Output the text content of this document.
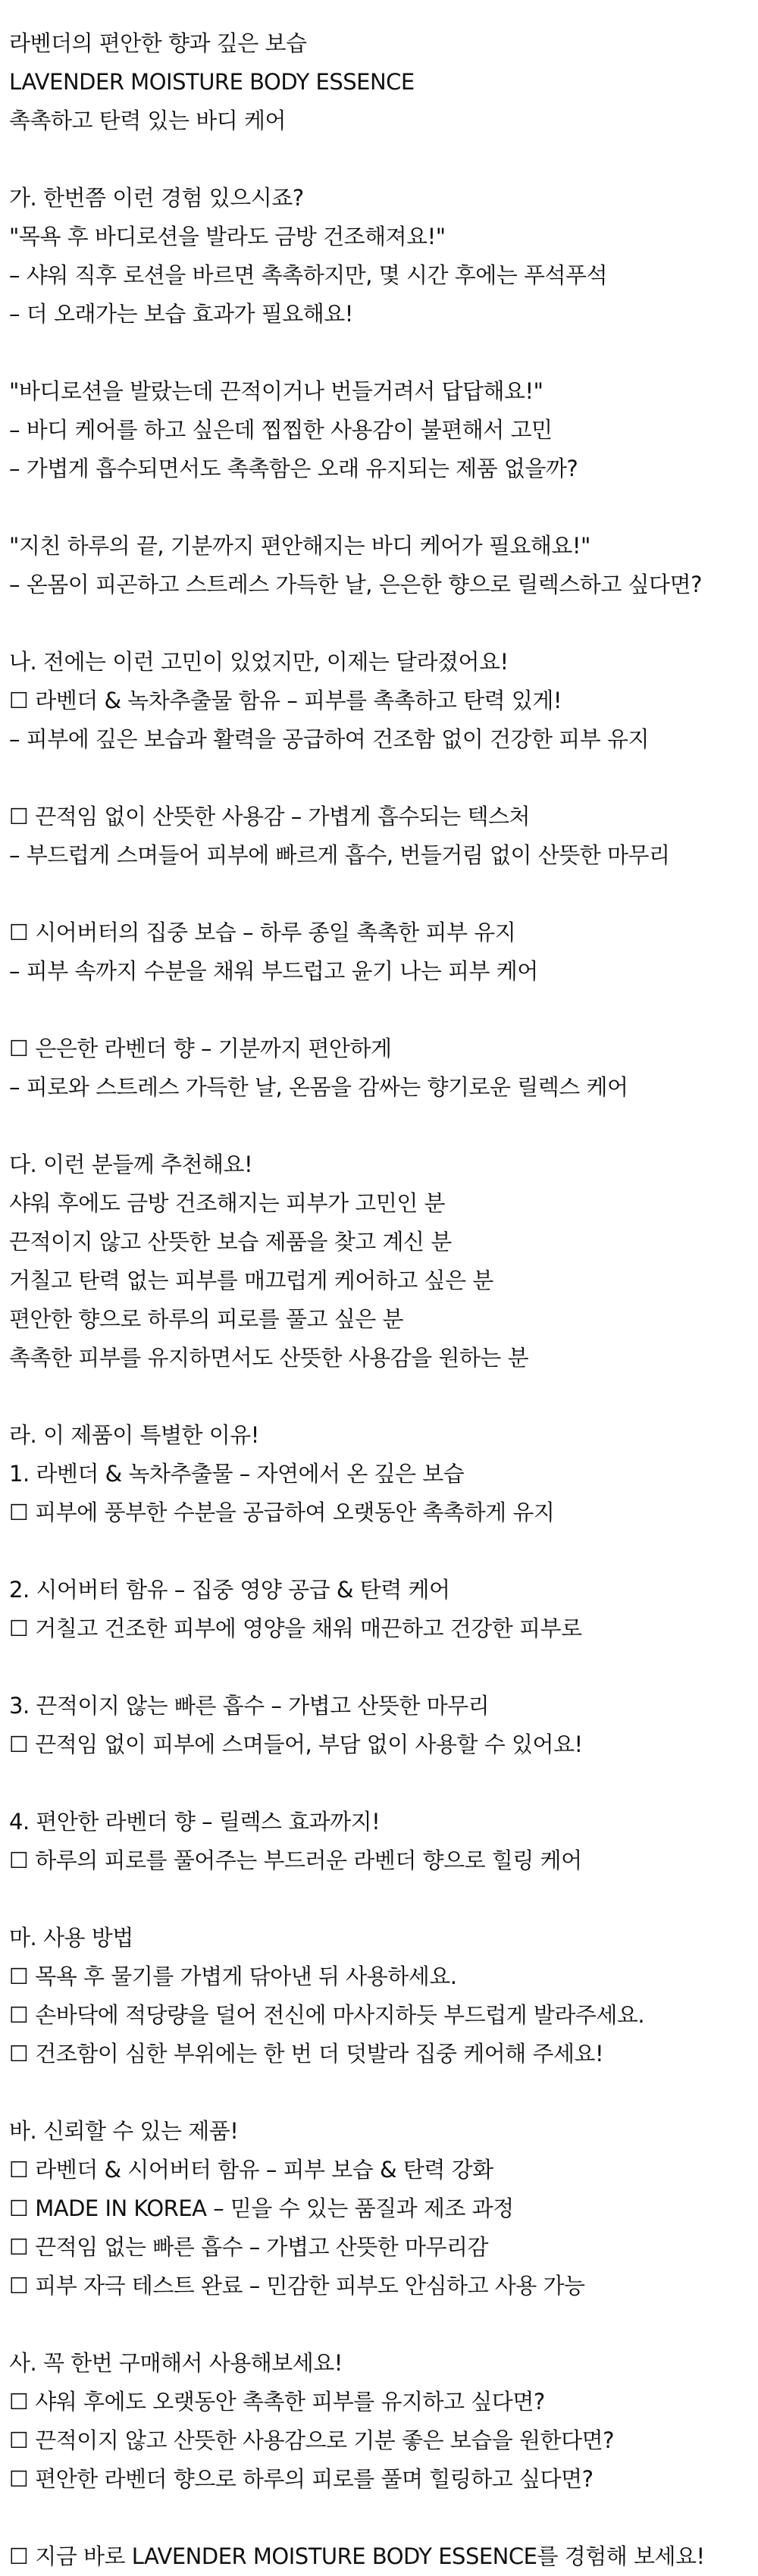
라벤더의 편안한 향과 깊은 보습
LAVENDER MOISTURE BODY ESSENCE
촉촉하고 탄력 있는 바디 케어
가. 한번쯤 이런 경험 있으시죠?
"목욕 후 바디로션을 발라도 금방 건조해져요!"
– 샤워 직후 로션을 바르면 촉촉하지만, 몇 시간 후에는 푸석푸석
– 더 오래가는 보습 효과가 필요해요!
"바디로션을 발랐는데 끈적이거나 번들거려서 답답해요!"
– 바디 케어를 하고 싶은데 찝찝한 사용감이 불편해서 고민
– 가볍게 흡수되면서도 촉촉함은 오래 유지되는 제품 없을까?
"지친 하루의 끝, 기분까지 편안해지는 바디 케어가 필요해요!"
– 온몸이 피곤하고 스트레스 가득한 날, 은은한 향으로 릴렉스하고 싶다면?
나. 전에는 이런 고민이 있었지만, 이제는 달라졌어요!
☐ 라벤더 & 녹차추출물 함유 – 피부를 촉촉하고 탄력 있게!
– 피부에 깊은 보습과 활력을 공급하여 건조함 없이 건강한 피부 유지
☐ 끈적임 없이 산뜻한 사용감 – 가볍게 흡수되는 텍스처
– 부드럽게 스며들어 피부에 빠르게 흡수, 번들거림 없이 산뜻한 마무리
☐ 시어버터의 집중 보습 – 하루 종일 촉촉한 피부 유지
– 피부 속까지 수분을 채워 부드럽고 윤기 나는 피부 케어
☐ 은은한 라벤더 향 – 기분까지 편안하게
– 피로와 스트레스 가득한 날, 온몸을 감싸는 향기로운 릴렉스 케어
다. 이런 분들께 추천해요!
샤워 후에도 금방 건조해지는 피부가 고민인 분
끈적이지 않고 산뜻한 보습 제품을 찾고 계신 분
거칠고 탄력 없는 피부를 매끄럽게 케어하고 싶은 분
편안한 향으로 하루의 피로를 풀고 싶은 분
촉촉한 피부를 유지하면서도 산뜻한 사용감을 원하는 분
라. 이 제품이 특별한 이유!
1. 라벤더 & 녹차추출물 – 자연에서 온 깊은 보습
☐ 피부에 풍부한 수분을 공급하여 오랫동안 촉촉하게 유지
2. 시어버터 함유 – 집중 영양 공급 & 탄력 케어
☐ 거칠고 건조한 피부에 영양을 채워 매끈하고 건강한 피부로
3. 끈적이지 않는 빠른 흡수 – 가볍고 산뜻한 마무리
☐ 끈적임 없이 피부에 스며들어, 부담 없이 사용할 수 있어요!
4. 편안한 라벤더 향 – 릴렉스 효과까지!
☐ 하루의 피로를 풀어주는 부드러운 라벤더 향으로 힐링 케어
마. 사용 방법
☐ 목욕 후 물기를 가볍게 닦아낸 뒤 사용하세요.
☐ 손바닥에 적당량을 덜어 전신에 마사지하듯 부드럽게 발라주세요.
☐ 건조함이 심한 부위에는 한 번 더 덧발라 집중 케어해 주세요!
바. 신뢰할 수 있는 제품!
☐ 라벤더 & 시어버터 함유 – 피부 보습 & 탄력 강화
☐ MADE IN KOREA – 믿을 수 있는 품질과 제조 과정
☐ 끈적임 없는 빠른 흡수 – 가볍고 산뜻한 마무리감
☐ 피부 자극 테스트 완료 – 민감한 피부도 안심하고 사용 가능
사. 꼭 한번 구매해서 사용해보세요!
☐ 샤워 후에도 오랫동안 촉촉한 피부를 유지하고 싶다면?
☐ 끈적이지 않고 산뜻한 사용감으로 기분 좋은 보습을 원한다면?
☐ 편안한 라벤더 향으로 하루의 피로를 풀며 힐링하고 싶다면?
☐ 지금 바로 LAVENDER MOISTURE BODY ESSENCE를 경험해 보세요!
